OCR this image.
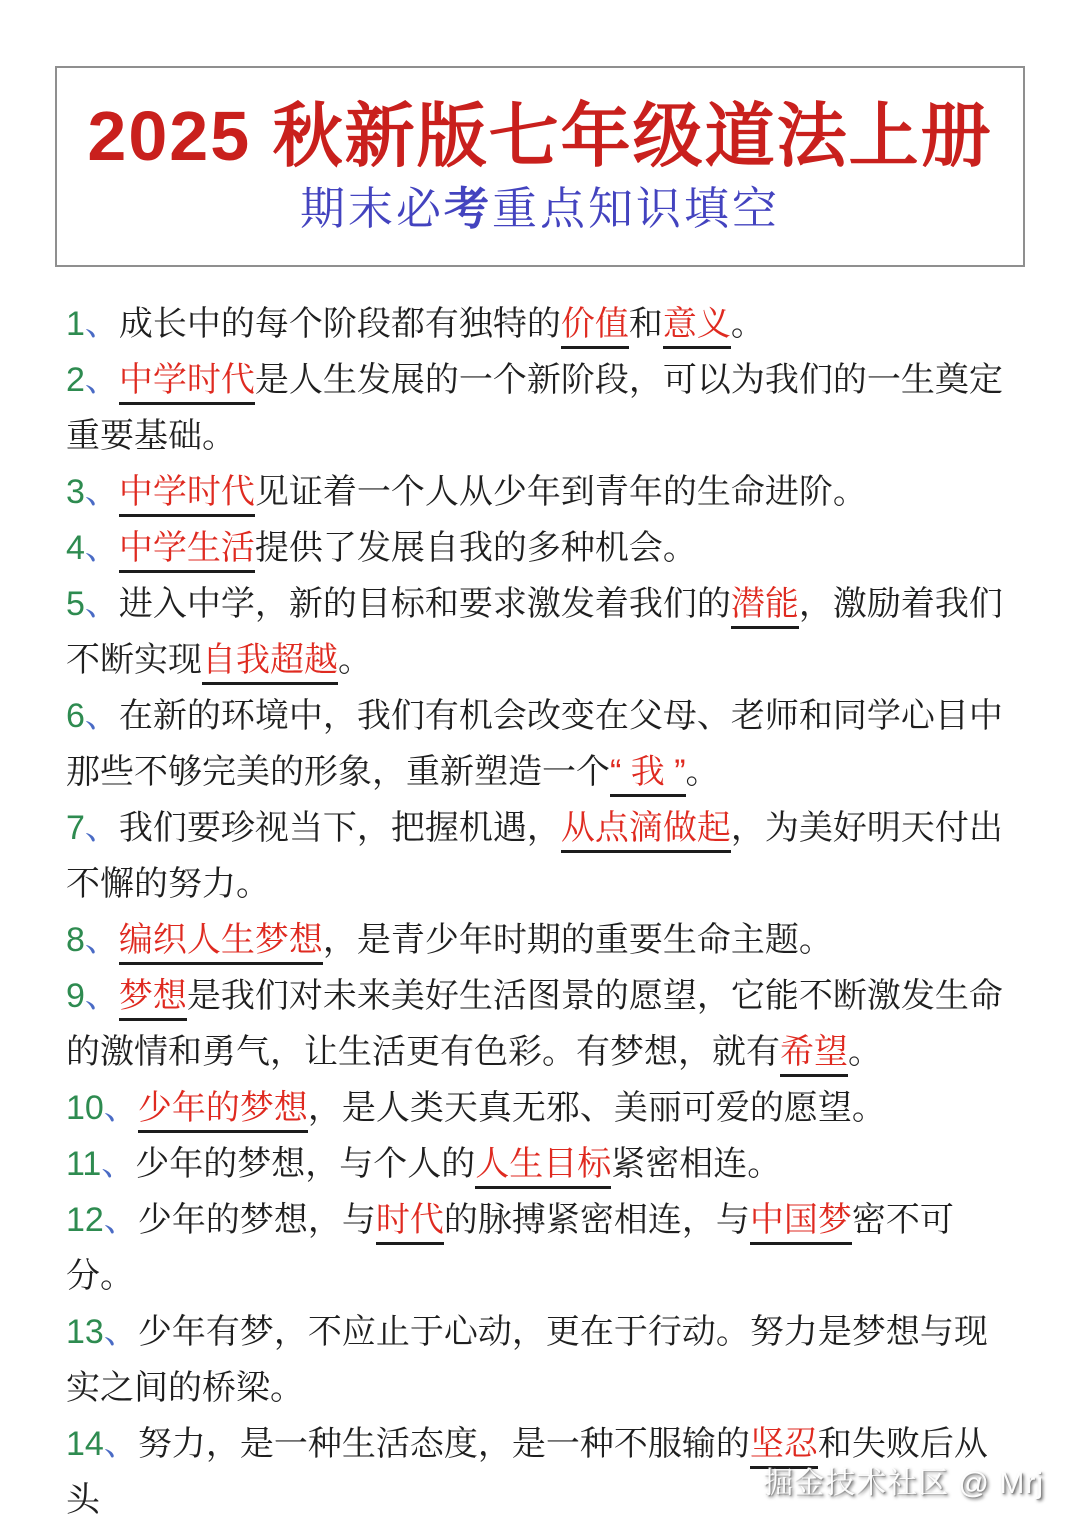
2025 秋新版七年级道法上册
期末必考重点知识填空

1、成长中的每个阶段都有独特的价值和意义。

2、中学时代是人生发展的一个新阶段，可以为我们的一生奠定重要基础。

3、中学时代见证着一个人从少年到青年的生命进阶。

4、中学生活提供了发展自我的多种机会。

5、进入中学，新的目标和要求激发着我们的潜能，激励着我们不断实现自我超越。

6、在新的环境中，我们有机会改变在父母、老师和同学心目中那些不够完美的形象，重新塑造一个“ 我 ”。

7、我们要珍视当下，把握机遇，从点滴做起，为美好明天付出不懈的努力。

8、编织人生梦想，是青少年时期的重要生命主题。

9、梦想是我们对未来美好生活图景的愿望，它能不断激发生命的激情和勇气，让生活更有色彩。有梦想，就有希望。

10、少年的梦想，是人类天真无邪、美丽可爱的愿望。

11、少年的梦想，与个人的人生目标紧密相连。

12、少年的梦想，与时代的脉搏紧密相连，与中国梦密不可分。

13、少年有梦，不应止于心动，更在于行动。努力是梦想与现实之间的桥梁。

14、努力，是一种生活态度，是一种不服输的坚忍和失败后从头	掘金技术社区 @ Mrj
